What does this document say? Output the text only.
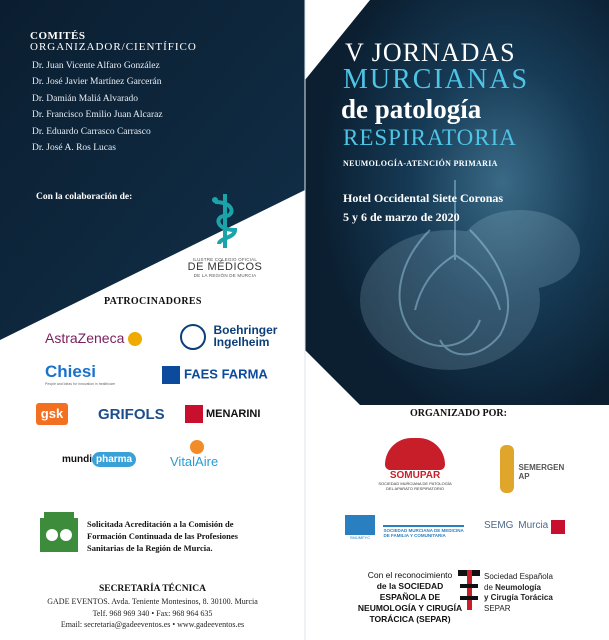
COMITÉS
ORGANIZADOR/CIENTÍFICO
Dr. Juan Vicente Alfaro González
Dr. José Javier Martínez Garcerán
Dr. Damián Maliá Alvarado
Dr. Francisco Emilio Juan Alcaraz
Dr. Eduardo Carrasco Carrasco
Dr. José A. Ros Lucas
Con la colaboración de:
ILUSTRE COLEGIO OFICIAL
DE MÉDICOS
DE LA REGIÓN DE MURCIA
PATROCINADORES
AstraZeneca	Boehringer
Ingelheim
Chiesi
People and ideas for innovation in healthcare
FAES FARMA
gsk	GRIFOLS	MENARINI
mundi pharma	VitalAire
V JORNADAS
MURCIANAS
de patología
RESPIRATORIA
NEUMOLOGÍA-ATENCIÓN PRIMARIA
Hotel Occidental Siete Coronas
5 y 6 de marzo de 2020
ORGANIZADO POR:
SOMUPAR
SOCIEDAD MURCIANA DE PATOLOGÍA
DEL APARATO RESPIRATORIO
SEMERGEN
AP
SMUMFYC

SOCIEDAD MURCIANA DE MEDICINA
DE FAMILIA Y COMUNITARIA
SEMG Murcia
Solicitada Acreditación a la Comisión de
Formación Continuada de las Profesiones
Sanitarias de la Región de Murcia.
SECRETARÍA TÉCNICA
GADE EVENTOS. Avda. Teniente Montesinos, 8. 30100. Murcia
Telf. 968 969 340 • Fax: 968 964 635
Email: secretaria@gadeeventos.es • www.gadeeventos.es
Con el reconocimiento
de la SOCIEDAD
ESPAÑOLA DE
NEUMOLOGÍA Y CIRUGÍA
TORÁCICA (SEPAR)
Sociedad Española
de Neumología
y Cirugía Torácica
SEPAR
